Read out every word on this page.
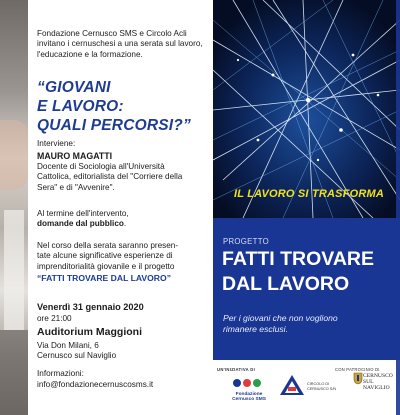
Fondazione Cernusco SMS e Circolo Acli invitano i cernuschesi a una serata sul lavoro, l'educazione e la formazione.

“GIOVANI
E LAVORO:
QUALI PERCORSI?”

Interviene:

MAURO MAGATTI

Docente di Sociologia all'Università
Cattolica, editorialista del "Corriere della
Sera" e di "Avvenire".

Al termine dell'intervento,
domande dal pubblico.

Nel corso della serata saranno presen-
tate alcune significative esperienze di
imprenditorialità giovanile e il progetto

“FATTI TROVARE DAL LAVORO”

Venerdì 31 gennaio 2020

ore 21:00

Auditorium Maggioni

Via Don Milani, 6
Cernusco sul Naviglio

Informazioni:

info@fondazionecernuscosms.it

IL LAVORO SI TRASFORMA

PROGETTO

FATTI TROVARE
DAL LAVORO

Per i giovani che non vogliono
rimanere esclusi.

UN'INIZIATIVA DI

Fondazione
Cernusco SMS

CIRCOLO DI
CERNUSCO S/N

CON PATROCINIO DI

CERNUSCO
SUL NAVIGLIO
